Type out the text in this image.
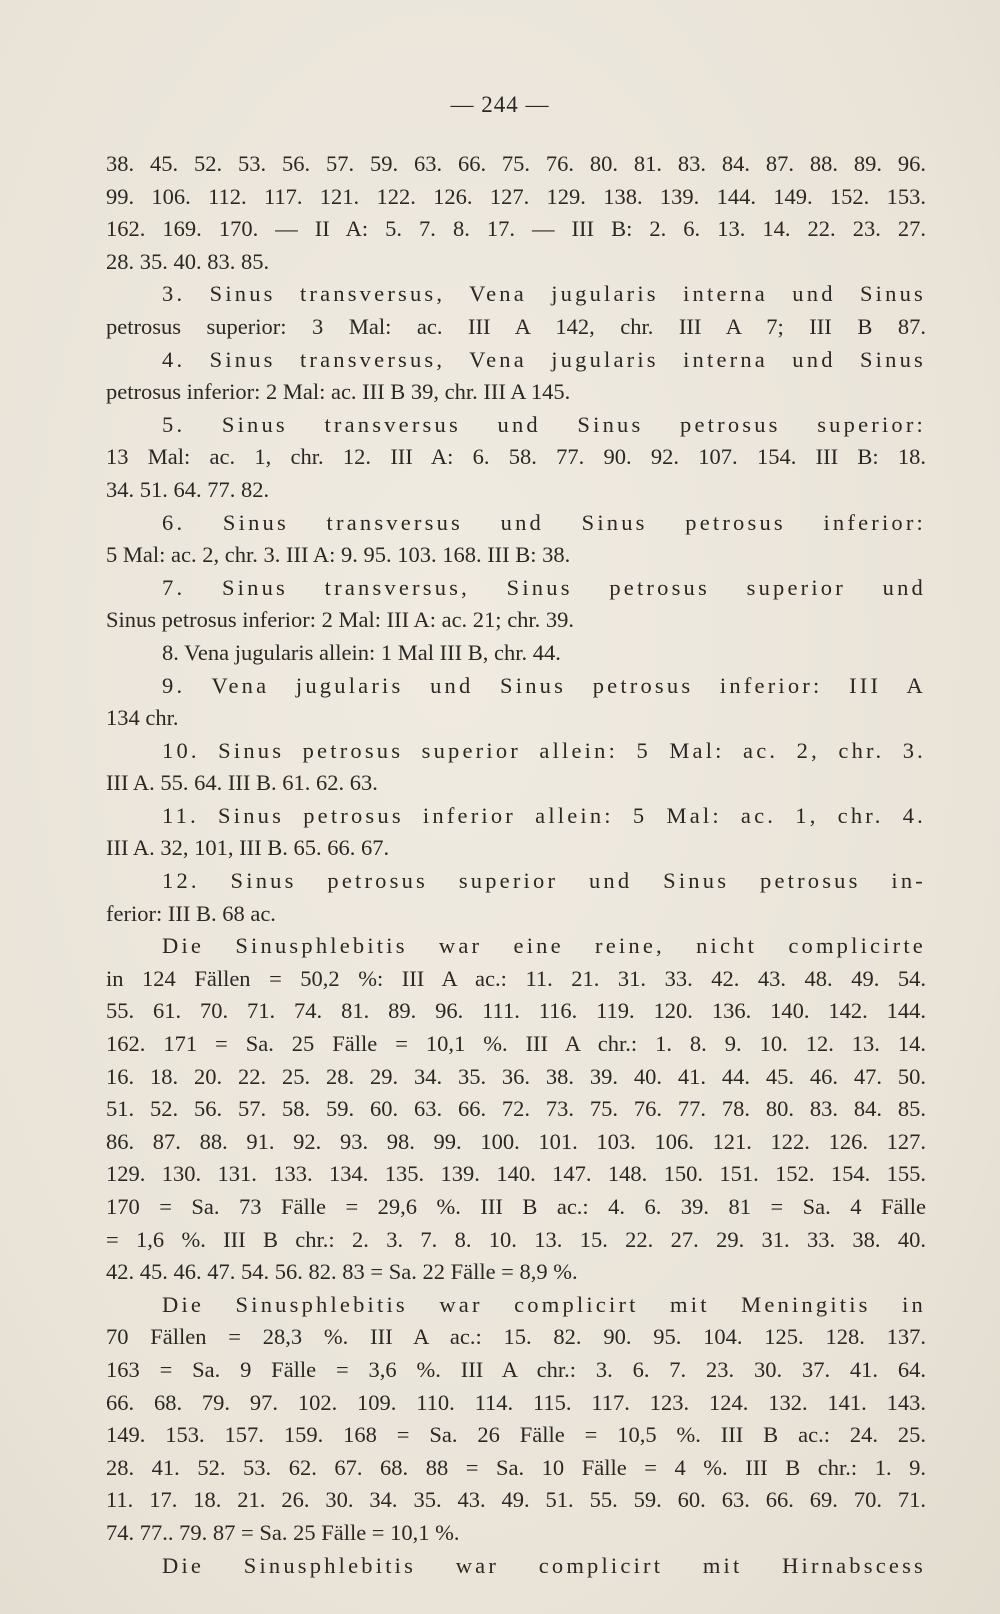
— 244 —
38. 45. 52. 53. 56. 57. 59. 63. 66. 75. 76. 80. 81. 83. 84. 87. 88. 89. 96.
99. 106. 112. 117. 121. 122. 126. 127. 129. 138. 139. 144. 149. 152. 153.
162. 169. 170. — II A: 5. 7. 8. 17. — III B: 2. 6. 13. 14. 22. 23. 27.
28. 35. 40. 83. 85.
3. Sinus transversus, Vena jugularis interna und Sinus
petrosus superior: 3 Mal: ac. III A 142, chr. III A 7; III B 87.
4. Sinus transversus, Vena jugularis interna und Sinus
petrosus inferior: 2 Mal: ac. III B 39, chr. III A 145.
5. Sinus transversus und Sinus petrosus superior:
13 Mal: ac. 1, chr. 12. III A: 6. 58. 77. 90. 92. 107. 154. III B: 18.
34. 51. 64. 77. 82.
6. Sinus transversus und Sinus petrosus inferior:
5 Mal: ac. 2, chr. 3. III A: 9. 95. 103. 168. III B: 38.
7. Sinus transversus, Sinus petrosus superior und
Sinus petrosus inferior: 2 Mal: III A: ac. 21; chr. 39.
8. Vena jugularis allein: 1 Mal III B, chr. 44.
9. Vena jugularis und Sinus petrosus inferior: III A
134 chr.
10. Sinus petrosus superior allein: 5 Mal: ac. 2, chr. 3.
III A. 55. 64. III B. 61. 62. 63.
11. Sinus petrosus inferior allein: 5 Mal: ac. 1, chr. 4.
III A. 32, 101, III B. 65. 66. 67.
12. Sinus petrosus superior und Sinus petrosus in-
ferior: III B. 68 ac.
Die Sinusphlebitis war eine reine, nicht complicirte
in 124 Fällen = 50,2 %: III A ac.: 11. 21. 31. 33. 42. 43. 48. 49. 54.
55. 61. 70. 71. 74. 81. 89. 96. 111. 116. 119. 120. 136. 140. 142. 144.
162. 171 = Sa. 25 Fälle = 10,1 %. III A chr.: 1. 8. 9. 10. 12. 13. 14.
16. 18. 20. 22. 25. 28. 29. 34. 35. 36. 38. 39. 40. 41. 44. 45. 46. 47. 50.
51. 52. 56. 57. 58. 59. 60. 63. 66. 72. 73. 75. 76. 77. 78. 80. 83. 84. 85.
86. 87. 88. 91. 92. 93. 98. 99. 100. 101. 103. 106. 121. 122. 126. 127.
129. 130. 131. 133. 134. 135. 139. 140. 147. 148. 150. 151. 152. 154. 155.
170 = Sa. 73 Fälle = 29,6 %. III B ac.: 4. 6. 39. 81 = Sa. 4 Fälle
= 1,6 %. III B chr.: 2. 3. 7. 8. 10. 13. 15. 22. 27. 29. 31. 33. 38. 40.
42. 45. 46. 47. 54. 56. 82. 83 = Sa. 22 Fälle = 8,9 %.
Die Sinusphlebitis war complicirt mit Meningitis in
70 Fällen = 28,3 %. III A ac.: 15. 82. 90. 95. 104. 125. 128. 137.
163 = Sa. 9 Fälle = 3,6 %. III A chr.: 3. 6. 7. 23. 30. 37. 41. 64.
66. 68. 79. 97. 102. 109. 110. 114. 115. 117. 123. 124. 132. 141. 143.
149. 153. 157. 159. 168 = Sa. 26 Fälle = 10,5 %. III B ac.: 24. 25.
28. 41. 52. 53. 62. 67. 68. 88 = Sa. 10 Fälle = 4 %. III B chr.: 1. 9.
11. 17. 18. 21. 26. 30. 34. 35. 43. 49. 51. 55. 59. 60. 63. 66. 69. 70. 71.
74. 77.. 79. 87 = Sa. 25 Fälle = 10,1 %.
Die Sinusphlebitis war complicirt mit Hirnabscess
